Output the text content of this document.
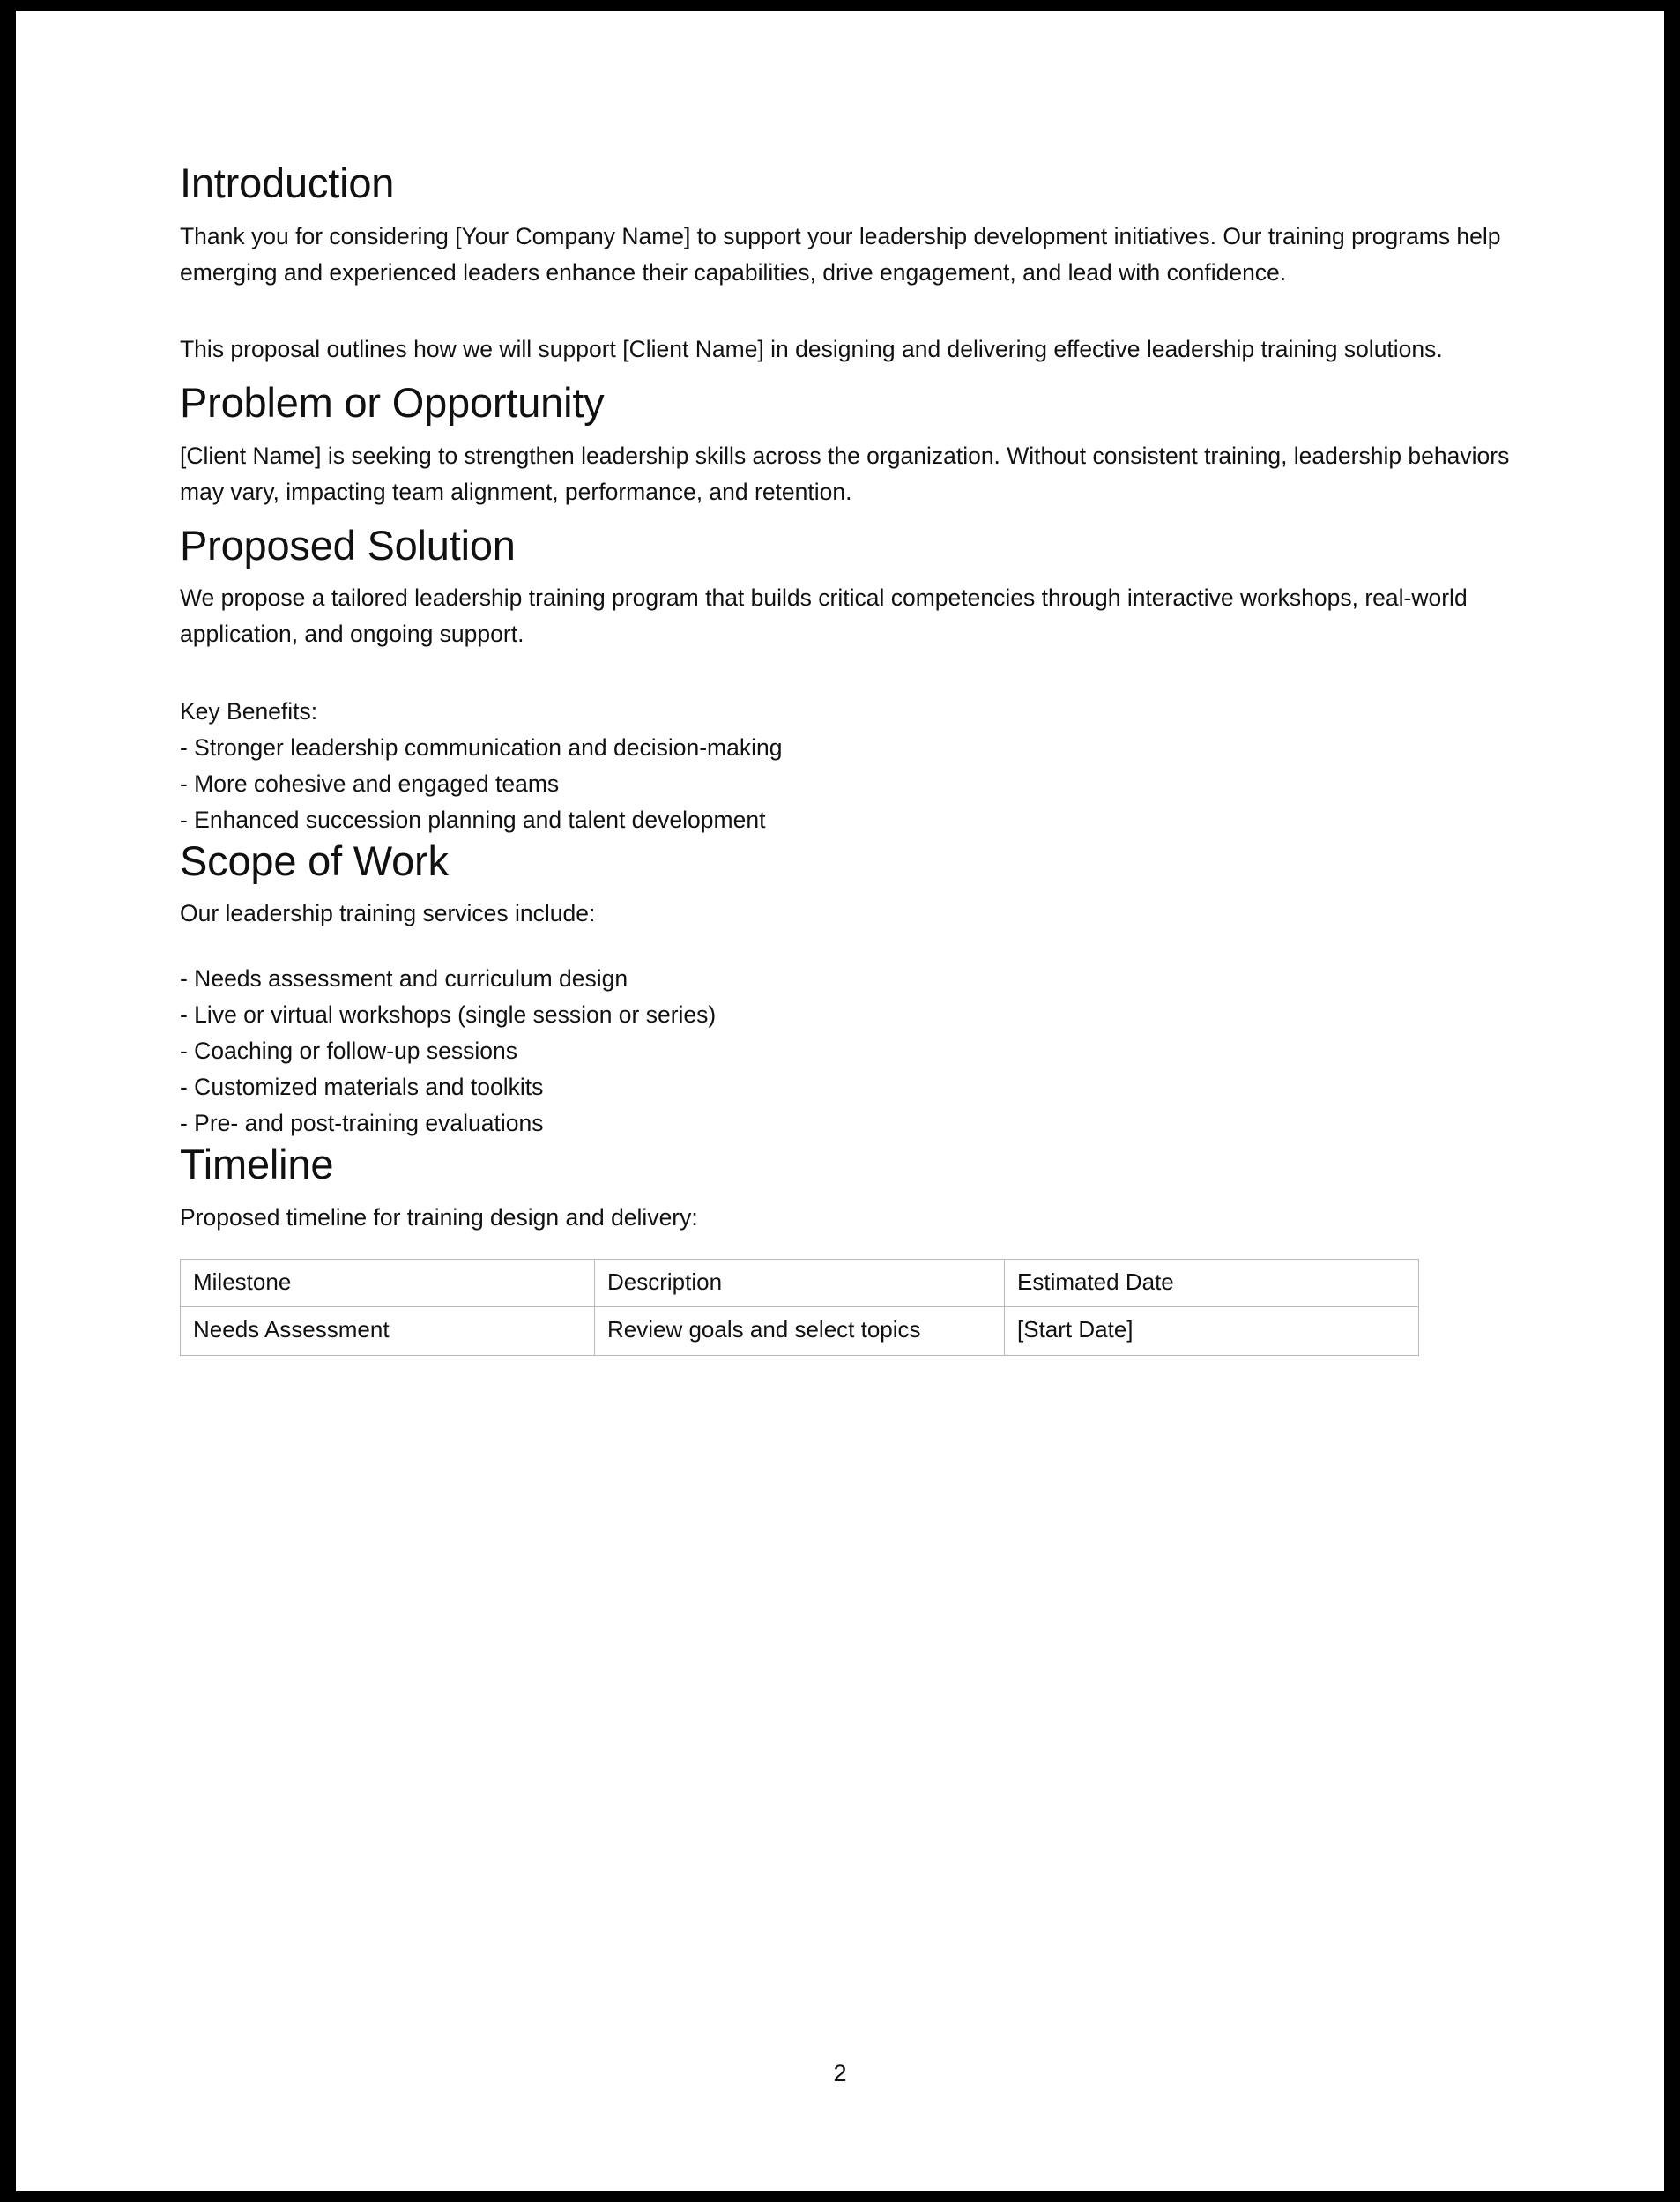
Introduction

Thank you for considering [Your Company Name] to support your leadership development initiatives. Our training programs help emerging and experienced leaders enhance their capabilities, drive engagement, and lead with confidence.

This proposal outlines how we will support [Client Name] in designing and delivering effective leadership training solutions.

Problem or Opportunity

[Client Name] is seeking to strengthen leadership skills across the organization. Without consistent training, leadership behaviors may vary, impacting team alignment, performance, and retention.

Proposed Solution

We propose a tailored leadership training program that builds critical competencies through interactive workshops, real-world application, and ongoing support.

Key Benefits:

- Stronger leadership communication and decision-making
- More cohesive and engaged teams
- Enhanced succession planning and talent development
Scope of Work

Our leadership training services include:

- Needs assessment and curriculum design
- Live or virtual workshops (single session or series)
- Coaching or follow-up sessions
- Customized materials and toolkits
- Pre- and post-training evaluations
Timeline

Proposed timeline for training design and delivery:

Milestone	Description	Estimated Date
Needs Assessment	Review goals and select topics	[Start Date]
2
